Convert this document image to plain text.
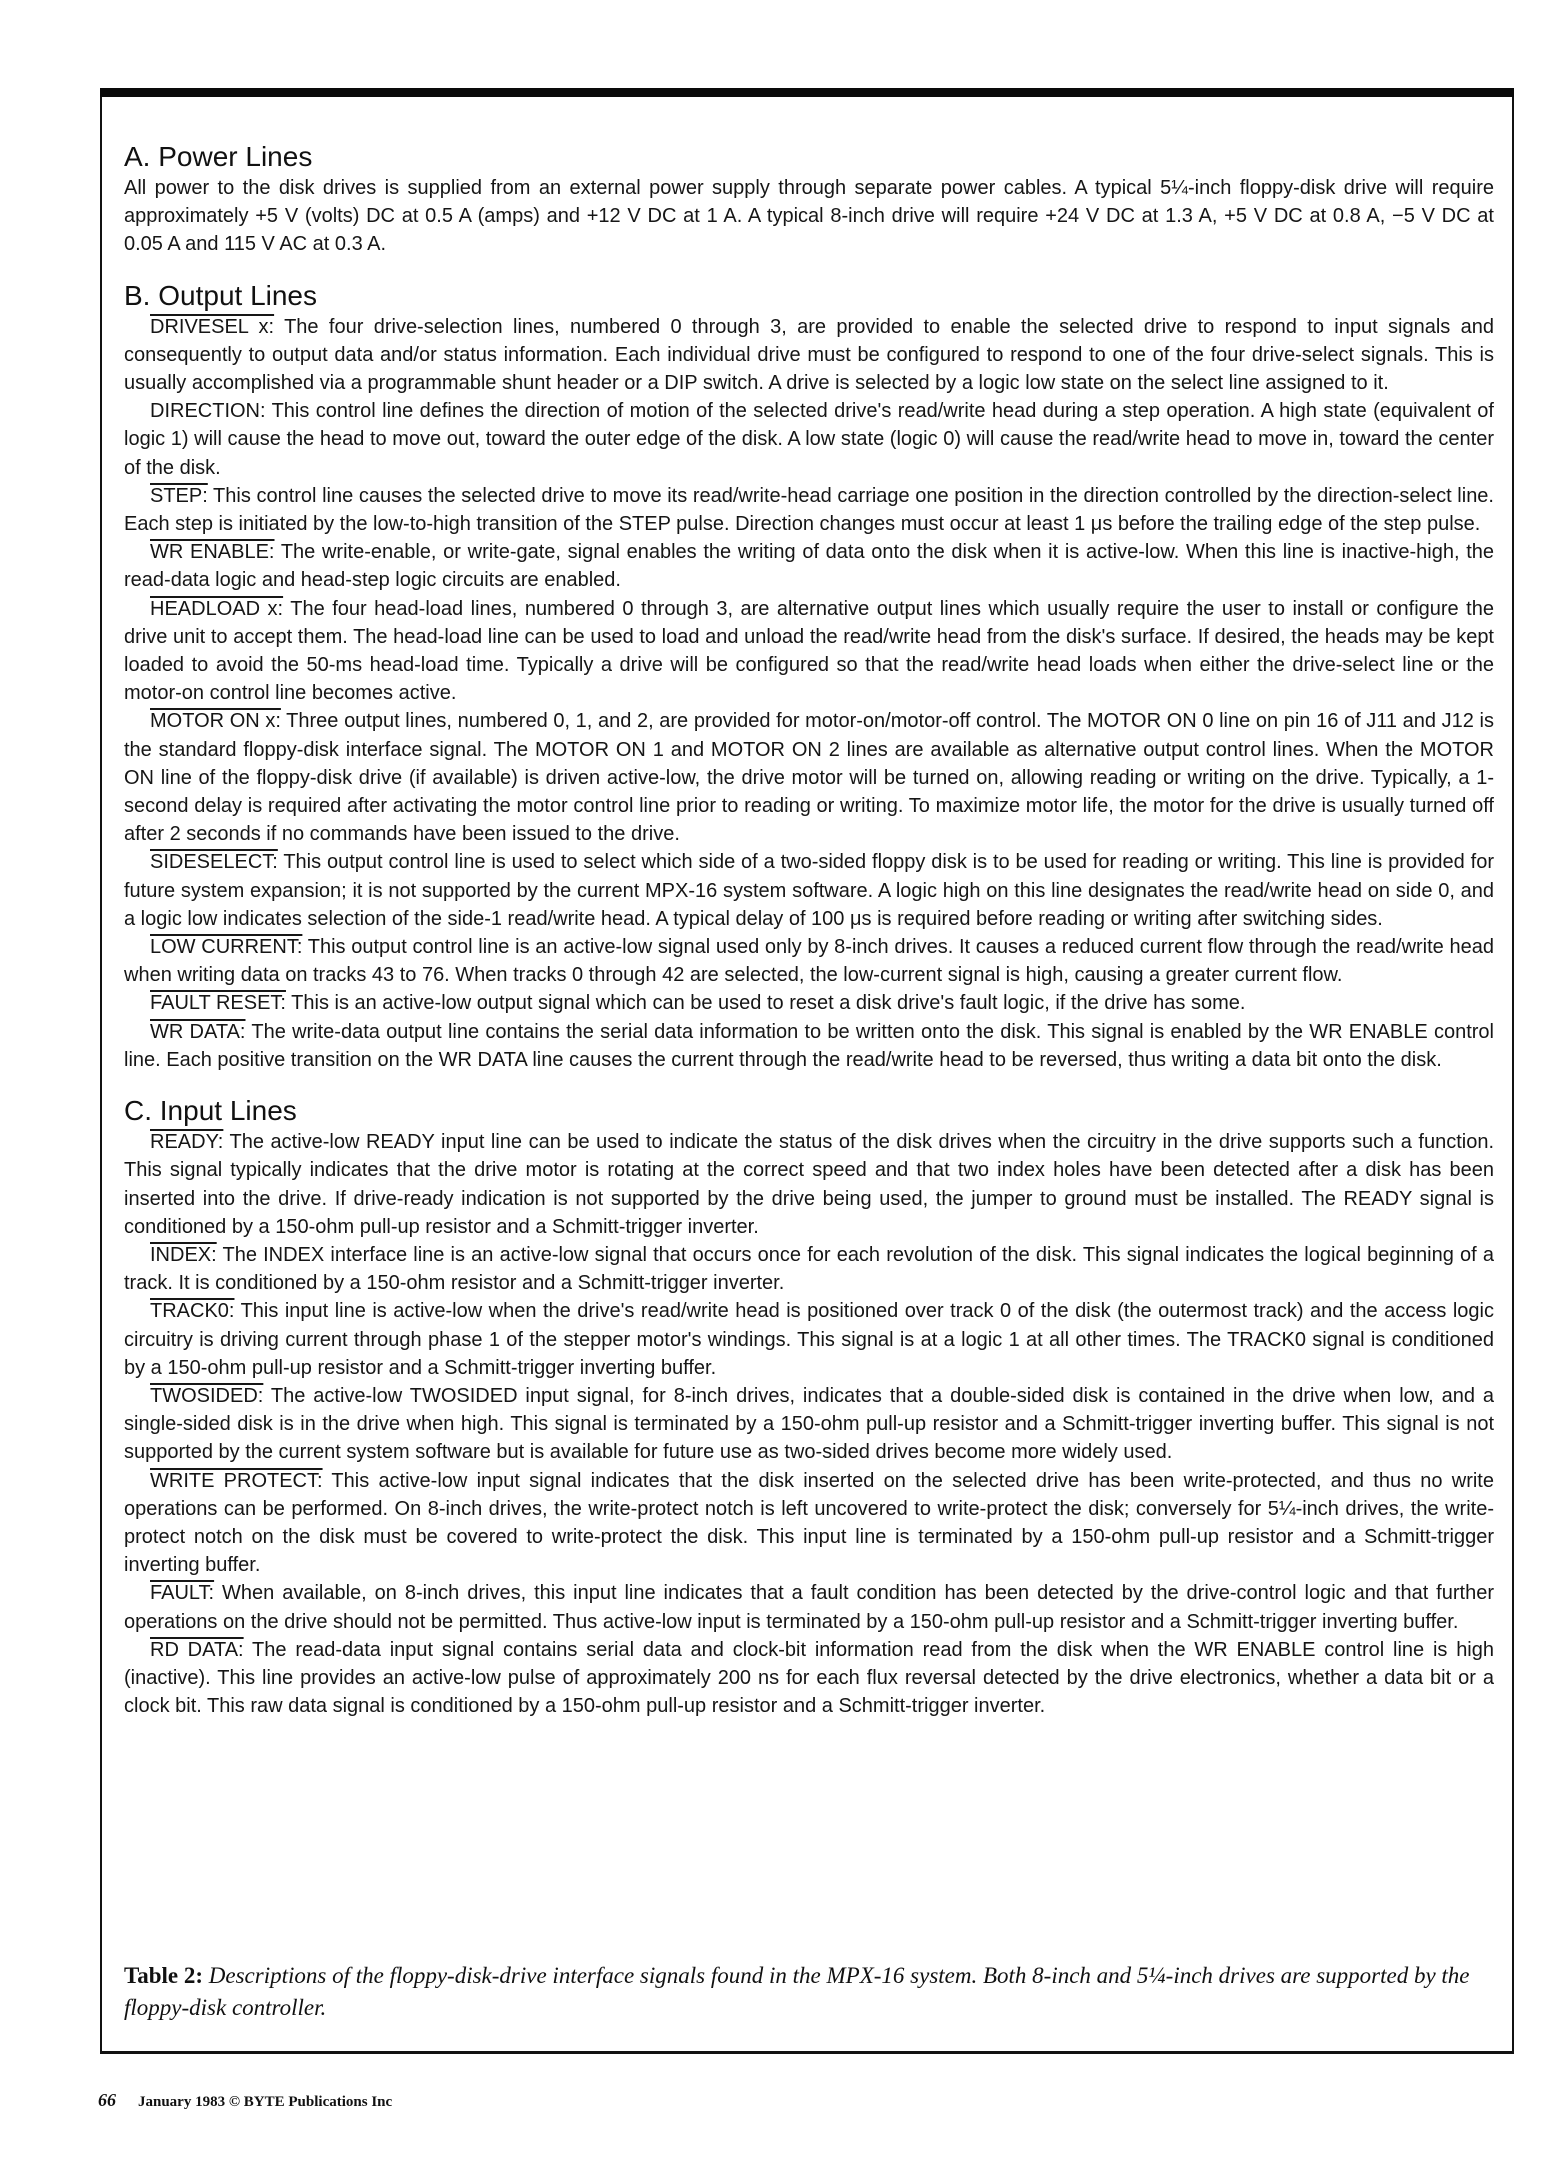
A. Power Lines

All power to the disk drives is supplied from an external power supply through separate power cables. A typical 5¼-inch floppy-disk drive will require approximately +5 V (volts) DC at 0.5 A (amps) and +12 V DC at 1 A. A typical 8-inch drive will require +24 V DC at 1.3 A, +5 V DC at 0.8 A, −5 V DC at 0.05 A and 115 V AC at 0.3 A.

B. Output Lines

DRIVESEL x: The four drive-selection lines, numbered 0 through 3, are provided to enable the selected drive to respond to input signals and consequently to output data and/or status information. Each individual drive must be configured to respond to one of the four drive-select signals. This is usually accomplished via a programmable shunt header or a DIP switch. A drive is selected by a logic low state on the select line assigned to it.

DIRECTION: This control line defines the direction of motion of the selected drive's read/write head during a step operation. A high state (equivalent of logic 1) will cause the head to move out, toward the outer edge of the disk. A low state (logic 0) will cause the read/write head to move in, toward the center of the disk.

STEP: This control line causes the selected drive to move its read/write-head carriage one position in the direction controlled by the direction-select line. Each step is initiated by the low-to-high transition of the STEP pulse. Direction changes must occur at least 1 μs before the trailing edge of the step pulse.

WR ENABLE: The write-enable, or write-gate, signal enables the writing of data onto the disk when it is active-low. When this line is inactive-high, the read-data logic and head-step logic circuits are enabled.

HEADLOAD x: The four head-load lines, numbered 0 through 3, are alternative output lines which usually require the user to install or configure the drive unit to accept them. The head-load line can be used to load and unload the read/write head from the disk's surface. If desired, the heads may be kept loaded to avoid the 50-ms head-load time. Typically a drive will be configured so that the read/write head loads when either the drive-select line or the motor-on control line becomes active.

MOTOR ON x: Three output lines, numbered 0, 1, and 2, are provided for motor-on/motor-off control. The MOTOR ON 0 line on pin 16 of J11 and J12 is the standard floppy-disk interface signal. The MOTOR ON 1 and MOTOR ON 2 lines are available as alternative output control lines. When the MOTOR ON line of the floppy-disk drive (if available) is driven active-low, the drive motor will be turned on, allowing reading or writing on the drive. Typically, a 1-second delay is required after activating the motor control line prior to reading or writing. To maximize motor life, the motor for the drive is usually turned off after 2 seconds if no commands have been issued to the drive.

SIDESELECT: This output control line is used to select which side of a two-sided floppy disk is to be used for reading or writing. This line is provided for future system expansion; it is not supported by the current MPX-16 system software. A logic high on this line designates the read/write head on side 0, and a logic low indicates selection of the side-1 read/write head. A typical delay of 100 μs is required before reading or writing after switching sides.

LOW CURRENT: This output control line is an active-low signal used only by 8-inch drives. It causes a reduced current flow through the read/write head when writing data on tracks 43 to 76. When tracks 0 through 42 are selected, the low-current signal is high, causing a greater current flow.

FAULT RESET: This is an active-low output signal which can be used to reset a disk drive's fault logic, if the drive has some.

WR DATA: The write-data output line contains the serial data information to be written onto the disk. This signal is enabled by the WR ENABLE control line. Each positive transition on the WR DATA line causes the current through the read/write head to be reversed, thus writing a data bit onto the disk.

C. Input Lines

READY: The active-low READY input line can be used to indicate the status of the disk drives when the circuitry in the drive supports such a function. This signal typically indicates that the drive motor is rotating at the correct speed and that two index holes have been detected after a disk has been inserted into the drive. If drive-ready indication is not supported by the drive being used, the jumper to ground must be installed. The READY signal is conditioned by a 150-ohm pull-up resistor and a Schmitt-trigger inverter.

INDEX: The INDEX interface line is an active-low signal that occurs once for each revolution of the disk. This signal indicates the logical beginning of a track. It is conditioned by a 150-ohm resistor and a Schmitt-trigger inverter.

TRACK0: This input line is active-low when the drive's read/write head is positioned over track 0 of the disk (the outermost track) and the access logic circuitry is driving current through phase 1 of the stepper motor's windings. This signal is at a logic 1 at all other times. The TRACK0 signal is conditioned by a 150-ohm pull-up resistor and a Schmitt-trigger inverting buffer.

TWOSIDED: The active-low TWOSIDED input signal, for 8-inch drives, indicates that a double-sided disk is contained in the drive when low, and a single-sided disk is in the drive when high. This signal is terminated by a 150-ohm pull-up resistor and a Schmitt-trigger inverting buffer. This signal is not supported by the current system software but is available for future use as two-sided drives become more widely used.

WRITE PROTECT: This active-low input signal indicates that the disk inserted on the selected drive has been write-protected, and thus no write operations can be performed. On 8-inch drives, the write-protect notch is left uncovered to write-protect the disk; conversely for 5¼-inch drives, the write-protect notch on the disk must be covered to write-protect the disk. This input line is terminated by a 150-ohm pull-up resistor and a Schmitt-trigger inverting buffer.

FAULT: When available, on 8-inch drives, this input line indicates that a fault condition has been detected by the drive-control logic and that further operations on the drive should not be permitted. Thus active-low input is terminated by a 150-ohm pull-up resistor and a Schmitt-trigger inverting buffer.

RD DATA: The read-data input signal contains serial data and clock-bit information read from the disk when the WR ENABLE control line is high (inactive). This line provides an active-low pulse of approximately 200 ns for each flux reversal detected by the drive electronics, whether a data bit or a clock bit. This raw data signal is conditioned by a 150-ohm pull-up resistor and a Schmitt-trigger inverter.

Table 2: Descriptions of the floppy-disk-drive interface signals found in the MPX-16 system. Both 8-inch and 5¼-inch drives are supported by the floppy-disk controller.
66 January 1983 © BYTE Publications Inc
